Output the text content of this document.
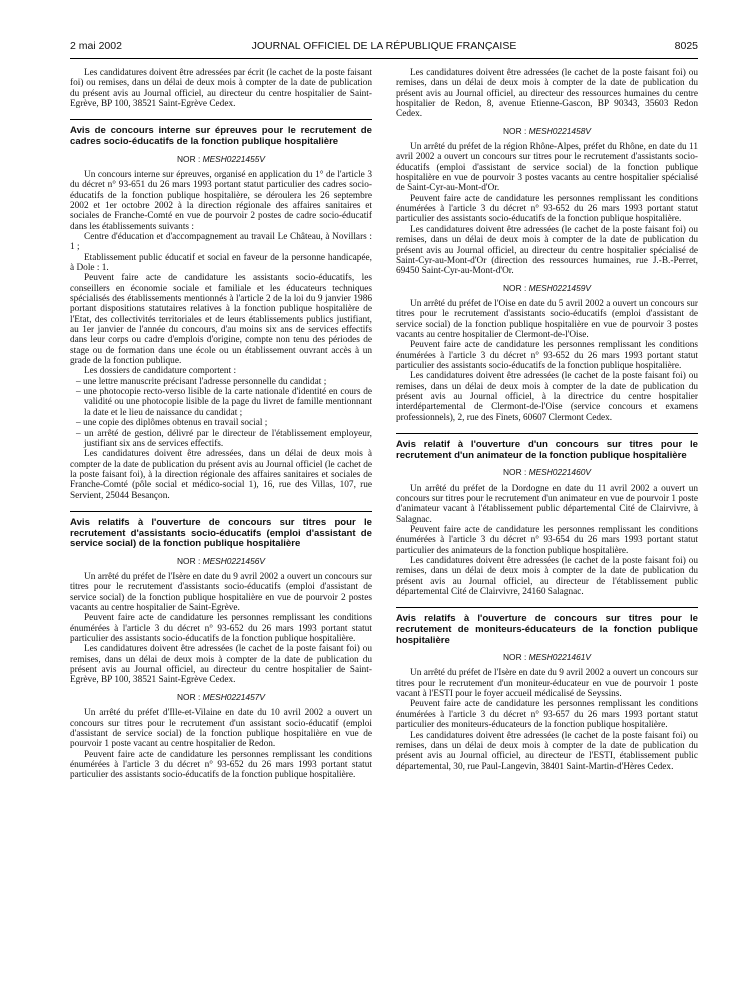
2 mai 2002	JOURNAL OFFICIEL DE LA RÉPUBLIQUE FRANÇAISE	8025

Les candidatures doivent être adressées par écrit (le cachet de la poste faisant foi) ou remises, dans un délai de deux mois à compter de la date de publication du présent avis au Journal officiel, au directeur du centre hospitalier de Saint-Egrève, BP 100, 38521 Saint-Egrève Cedex.

Avis de concours interne sur épreuves pour le recrutement de cadres socio-éducatifs de la fonction publique hospitalière

NOR : MESH0221455V

Un concours interne sur épreuves, organisé en application du 1° de l'article 3 du décret n° 93-651 du 26 mars 1993 portant statut particulier des cadres socio-éducatifs de la fonction publique hospitalière, se déroulera les 26 septembre 2002 et 1er octobre 2002 à la direction régionale des affaires sanitaires et sociales de Franche-Comté en vue de pourvoir 2 postes de cadre socio-éducatif dans les établissements suivants :

Centre d'éducation et d'accompagnement au travail Le Château, à Novillars : 1 ;

Etablissement public éducatif et social en faveur de la personne handicapée, à Dole : 1.

Peuvent faire acte de candidature les assistants socio-éducatifs, les conseillers en économie sociale et familiale et les éducateurs techniques spécialisés des établissements mentionnés à l'article 2 de la loi du 9 janvier 1986 portant dispositions statutaires relatives à la fonction publique hospitalière de l'Etat, des collectivités territoriales et de leurs établissements publics justifiant, au 1er janvier de l'année du concours, d'au moins six ans de services effectifs dans leur corps ou cadre d'emplois d'origine, compte non tenu des périodes de stage ou de formation dans une école ou un établissement ouvrant accès à un grade de la fonction publique.

Les dossiers de candidature comportent :

– une lettre manuscrite précisant l'adresse personnelle du candidat ;

– une photocopie recto-verso lisible de la carte nationale d'identité en cours de validité ou une photocopie lisible de la page du livret de famille mentionnant la date et le lieu de naissance du candidat ;

– une copie des diplômes obtenus en travail social ;

– un arrêté de gestion, délivré par le directeur de l'établissement employeur, justifiant six ans de services effectifs.

Les candidatures doivent être adressées, dans un délai de deux mois à compter de la date de publication du présent avis au Journal officiel (le cachet de la poste faisant foi), à la direction régionale des affaires sanitaires et sociales de Franche-Comté (pôle social et médico-social 1), 16, rue des Villas, 107, rue Servient, 25044 Besançon.

Avis relatifs à l'ouverture de concours sur titres pour le recrutement d'assistants socio-éducatifs (emploi d'assistant de service social) de la fonction publique hospitalière

NOR : MESH0221456V

Un arrêté du préfet de l'Isère en date du 9 avril 2002 a ouvert un concours sur titres pour le recrutement d'assistants socio-éducatifs (emploi d'assistant de service social) de la fonction publique hospitalière en vue de pourvoir 2 postes vacants au centre hospitalier de Saint-Egrève.

Peuvent faire acte de candidature les personnes remplissant les conditions énumérées à l'article 3 du décret n° 93-652 du 26 mars 1993 portant statut particulier des assistants socio-éducatifs de la fonction publique hospitalière.

Les candidatures doivent être adressées (le cachet de la poste faisant foi) ou remises, dans un délai de deux mois à compter de la date de publication du présent avis au Journal officiel, au directeur du centre hospitalier de Saint-Egrève, BP 100, 38521 Saint-Egrève Cedex.

NOR : MESH0221457V

Un arrêté du préfet d'Ille-et-Vilaine en date du 10 avril 2002 a ouvert un concours sur titres pour le recrutement d'un assistant socio-éducatif (emploi d'assistant de service social) de la fonction publique hospitalière en vue de pourvoir 1 poste vacant au centre hospitalier de Redon.

Peuvent faire acte de candidature les personnes remplissant les conditions énumérées à l'article 3 du décret n° 93-652 du 26 mars 1993 portant statut particulier des assistants socio-éducatifs de la fonction publique hospitalière.

Les candidatures doivent être adressées (le cachet de la poste faisant foi) ou remises, dans un délai de deux mois à compter de la date de publication du présent avis au Journal officiel, au directeur des ressources humaines du centre hospitalier de Redon, 8, avenue Etienne-Gascon, BP 90343, 35603 Redon Cedex.

NOR : MESH0221458V

Un arrêté du préfet de la région Rhône-Alpes, préfet du Rhône, en date du 11 avril 2002 a ouvert un concours sur titres pour le recrutement d'assistants socio-éducatifs (emploi d'assistant de service social) de la fonction publique hospitalière en vue de pourvoir 3 postes vacants au centre hospitalier spécialisé de Saint-Cyr-au-Mont-d'Or.

Peuvent faire acte de candidature les personnes remplissant les conditions énumérées à l'article 3 du décret n° 93-652 du 26 mars 1993 portant statut particulier des assistants socio-éducatifs de la fonction publique hospitalière.

Les candidatures doivent être adressées (le cachet de la poste faisant foi) ou remises, dans un délai de deux mois à compter de la date de publication du présent avis au Journal officiel, au directeur du centre hospitalier spécialisé de Saint-Cyr-au-Mont-d'Or (direction des ressources humaines, rue J.-B.-Perret, 69450 Saint-Cyr-au-Mont-d'Or.

NOR : MESH0221459V

Un arrêté du préfet de l'Oise en date du 5 avril 2002 a ouvert un concours sur titres pour le recrutement d'assistants socio-éducatifs (emploi d'assistant de service social) de la fonction publique hospitalière en vue de pourvoir 3 postes vacants au centre hospitalier de Clermont-de-l'Oise.

Peuvent faire acte de candidature les personnes remplissant les conditions énumérées à l'article 3 du décret n° 93-652 du 26 mars 1993 portant statut particulier des assistants socio-éducatifs de la fonction publique hospitalière.

Les candidatures doivent être adressées (le cachet de la poste faisant foi) ou remises, dans un délai de deux mois à compter de la date de publication du présent avis au Journal officiel, à la directrice du centre hospitalier interdépartemental de Clermont-de-l'Oise (service concours et examens professionnels), 2, rue des Finets, 60607 Clermont Cedex.

Avis relatif à l'ouverture d'un concours sur titres pour le recrutement d'un animateur de la fonction publique hospitalière

NOR : MESH0221460V

Un arrêté du préfet de la Dordogne en date du 11 avril 2002 a ouvert un concours sur titres pour le recrutement d'un animateur en vue de pourvoir 1 poste d'animateur vacant à l'établissement public départemental Cité de Clairvivre, à Salagnac.

Peuvent faire acte de candidature les personnes remplissant les conditions énumérées à l'article 3 du décret n° 93-654 du 26 mars 1993 portant statut particulier des animateurs de la fonction publique hospitalière.

Les candidatures doivent être adressées (le cachet de la poste faisant foi) ou remises, dans un délai de deux mois à compter de la date de publication du présent avis au Journal officiel, au directeur de l'établissement public départemental Cité de Clairvivre, 24160 Salagnac.

Avis relatifs à l'ouverture de concours sur titres pour le recrutement de moniteurs-éducateurs de la fonction publique hospitalière

NOR : MESH0221461V

Un arrêté du préfet de l'Isère en date du 9 avril 2002 a ouvert un concours sur titres pour le recrutement d'un moniteur-éducateur en vue de pourvoir 1 poste vacant à l'ESTI pour le foyer accueil médicalisé de Seyssins.

Peuvent faire acte de candidature les personnes remplissant les conditions énumérées à l'article 3 du décret n° 93-657 du 26 mars 1993 portant statut particulier des moniteurs-éducateurs de la fonction publique hospitalière.

Les candidatures doivent être adressées (le cachet de la poste faisant foi) ou remises, dans un délai de deux mois à compter de la date de publication du présent avis au Journal officiel, au directeur de l'ESTI, établissement public départemental, 30, rue Paul-Langevin, 38401 Saint-Martin-d'Hères Cedex.
